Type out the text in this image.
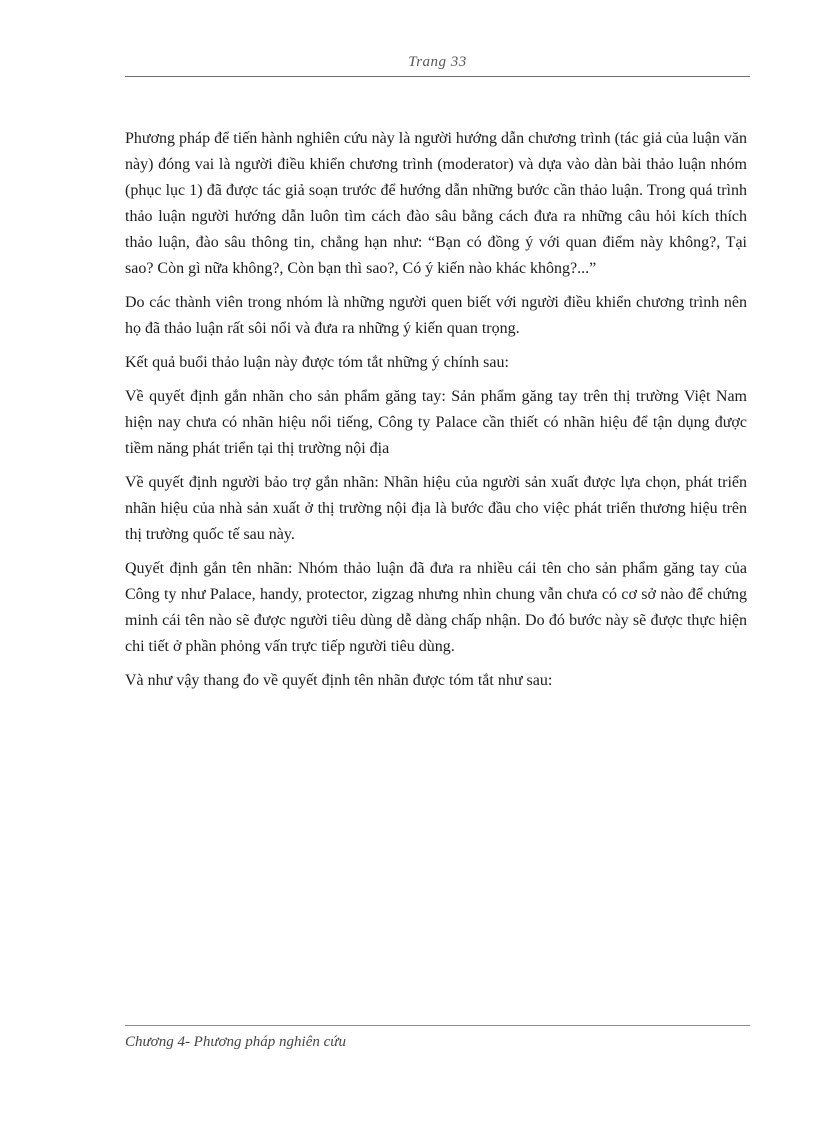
Trang 33

Phương pháp để tiến hành nghiên cứu này là người hướng dẫn chương trình (tác giả của luận văn này) đóng vai là người điều khiển chương trình (moderator) và dựa vào dàn bài thảo luận nhóm (phục lục 1) đã được tác giả soạn trước để hướng dẫn những bước cần thảo luận. Trong quá trình thảo luận người hướng dẫn luôn tìm cách đào sâu bằng cách đưa ra những câu hỏi kích thích thảo luận, đào sâu thông tin, chẳng hạn như: “Bạn có đồng ý với quan điểm này không?, Tại sao? Còn gì nữa không?, Còn bạn thì sao?, Có ý kiến nào khác không?...”

Do các thành viên trong nhóm là những người quen biết với người điều khiển chương trình nên họ đã thảo luận rất sôi nổi và đưa ra những ý kiến quan trọng.

Kết quả buổi thảo luận này được tóm tắt những ý chính sau:

Về quyết định gắn nhãn cho sản phẩm găng tay: Sản phẩm găng tay trên thị trường Việt Nam hiện nay chưa có nhãn hiệu nổi tiếng, Công ty Palace cần thiết có nhãn hiệu để tận dụng được tiềm năng phát triển tại thị trường nội địa

Về quyết định người bảo trợ gắn nhãn: Nhãn hiệu của người sản xuất được lựa chọn, phát triển nhãn hiệu của nhà sản xuất ở thị trường nội địa là bước đầu cho việc phát triển thương hiệu trên thị trường quốc tế sau này.

Quyết định gắn tên nhãn: Nhóm thảo luận đã đưa ra nhiều cái tên cho sản phẩm găng tay của Công ty như Palace, handy, protector, zigzag nhưng nhìn chung vẫn chưa có cơ sở nào để chứng minh cái tên nào sẽ được người tiêu dùng dễ dàng chấp nhận. Do đó bước này sẽ được thực hiện chi tiết ở phần phỏng vấn trực tiếp người tiêu dùng.

Và như vậy thang đo về quyết định tên nhãn được tóm tắt như sau:

Chương 4- Phương pháp nghiên cứu
